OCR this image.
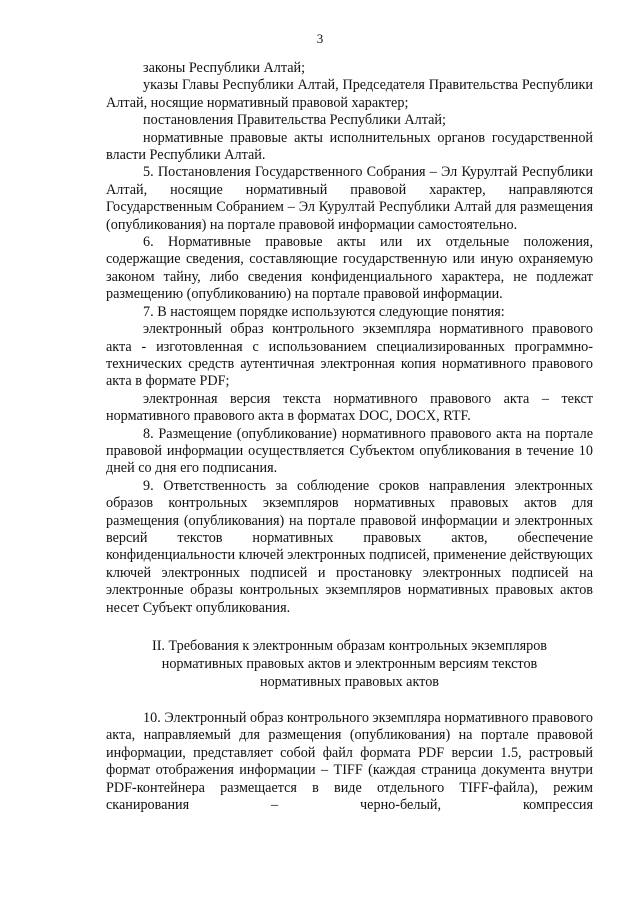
3

законы Республики Алтай;

указы Главы Республики Алтай, Председателя Правительства Республики Алтай, носящие нормативный правовой характер;

постановления Правительства Республики Алтай;

нормативные правовые акты исполнительных органов государственной власти Республики Алтай.

5. Постановления Государственного Собрания – Эл Курултай Республики Алтай, носящие нормативный правовой характер, направляются Государственным Собранием – Эл Курултай Республики Алтай для размещения (опубликования) на портале правовой информации самостоятельно.

6. Нормативные правовые акты или их отдельные положения, содержащие сведения, составляющие государственную или иную охраняемую законом тайну, либо сведения конфиденциального характера, не подлежат размещению (опубликованию) на портале правовой информации.

7. В настоящем порядке используются следующие понятия:

электронный образ контрольного экземпляра нормативного правового акта - изготовленная с использованием специализированных программно-технических средств аутентичная электронная копия нормативного правового акта в формате PDF;

электронная версия текста нормативного правового акта – текст нормативного правового акта в форматах DOC, DOCX, RTF.

8. Размещение (опубликование) нормативного правового акта на портале правовой информации осуществляется Субъектом опубликования в течение 10 дней со дня его подписания.

9. Ответственность за соблюдение сроков направления электронных образов контрольных экземпляров нормативных правовых актов для размещения (опубликования) на портале правовой информации и электронных версий текстов нормативных правовых актов, обеспечение конфиденциальности ключей электронных подписей, применение действующих ключей электронных подписей и простановку электронных подписей на электронные образы контрольных экземпляров нормативных правовых актов несет Субъект опубликования.

II. Требования к электронным образам контрольных экземпляров
нормативных правовых актов и электронным версиям текстов
нормативных правовых актов

10. Электронный образ контрольного экземпляра нормативного правового акта, направляемый для размещения (опубликования) на портале правовой информации, представляет собой файл формата PDF версии 1.5, растровый формат отображения информации – TIFF (каждая страница документа внутри PDF-контейнера размещается в виде отдельного TIFF-файла), режим сканирования – черно-белый, компрессия
